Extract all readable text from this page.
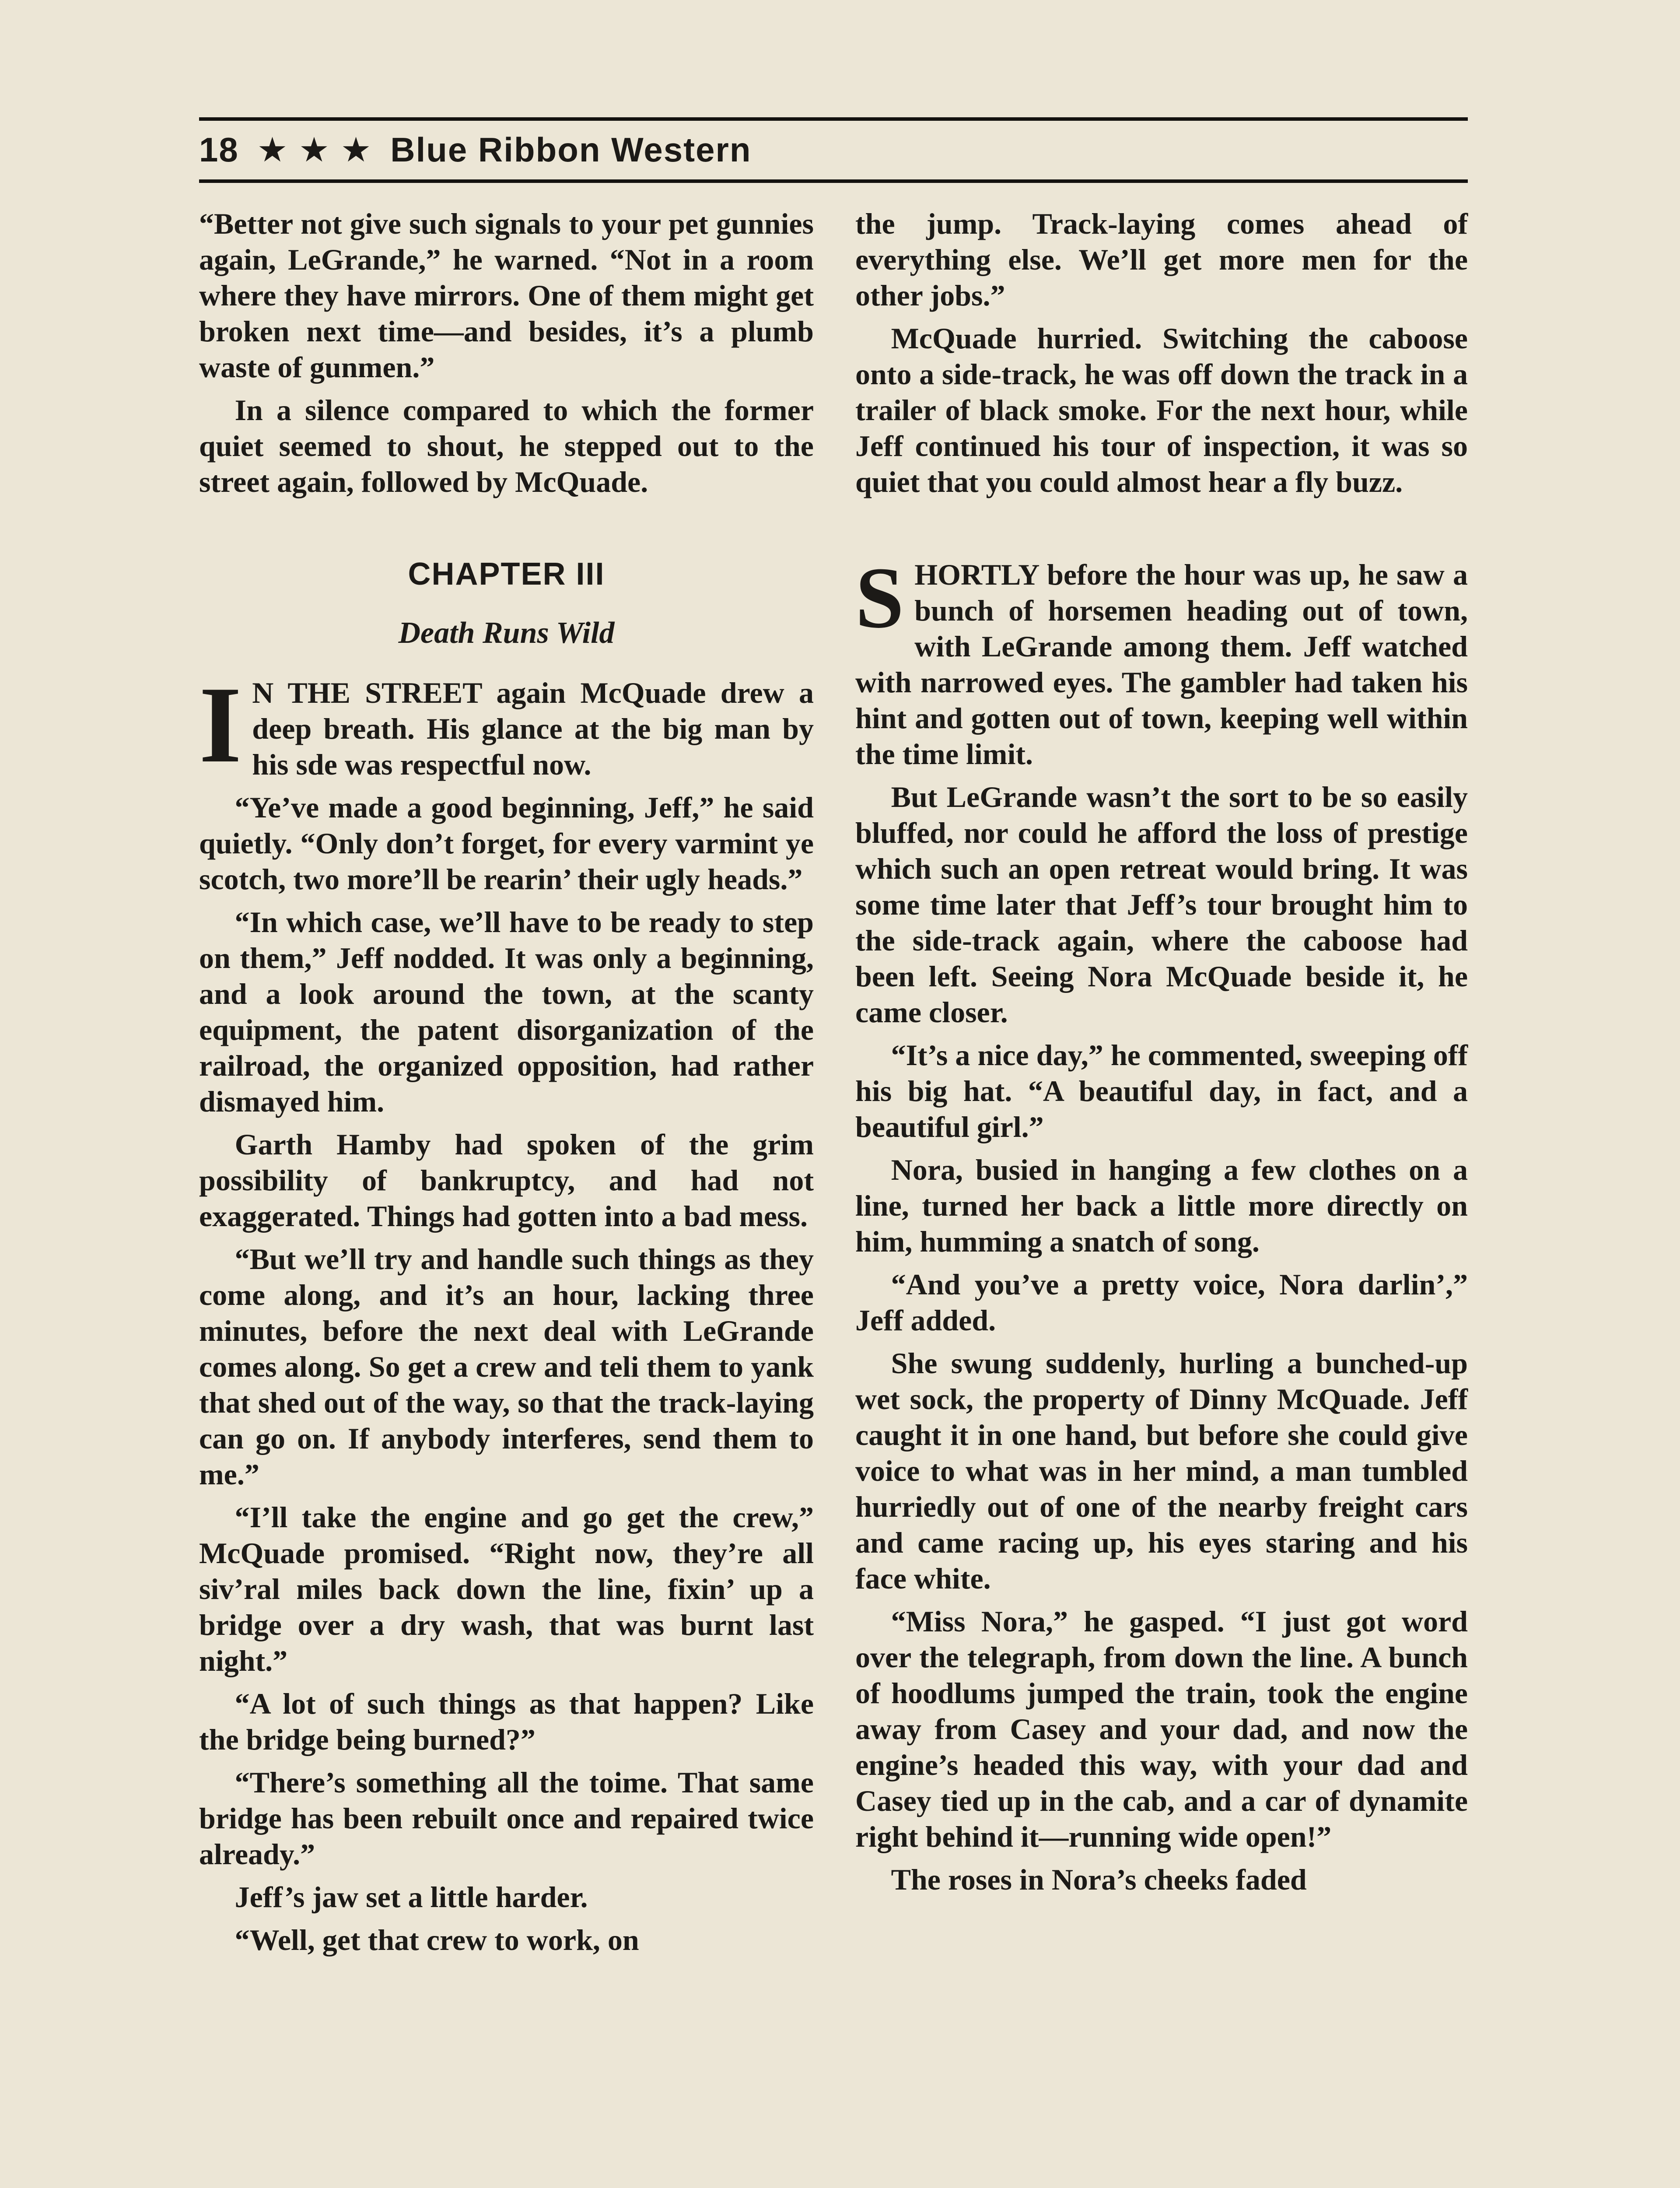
18 ★ ★ ★ Blue Ribbon Western

“Better not give such signals to your pet gunnies again, LeGrande,” he warned. “Not in a room where they have mirrors. One of them might get broken next time—and besides, it’s a plumb waste of gunmen.”

In a silence compared to which the former quiet seemed to shout, he stepped out to the street again, followed by McQuade.

CHAPTER III
Death Runs Wild

I N THE STREET again McQuade drew a deep breath. His glance at the big man by his sde was respectful now.

“Ye’ve made a good beginning, Jeff,” he said quietly. “Only don’t forget, for every varmint ye scotch, two more’ll be rearin’ their ugly heads.”

“In which case, we’ll have to be ready to step on them,” Jeff nodded. It was only a beginning, and a look around the town, at the scanty equipment, the patent disorganization of the railroad, the organized opposition, had rather dismayed him.

Garth Hamby had spoken of the grim possibility of bankruptcy, and had not exaggerated. Things had gotten into a bad mess.

“But we’ll try and handle such things as they come along, and it’s an hour, lacking three minutes, before the next deal with LeGrande comes along. So get a crew and teli them to yank that shed out of the way, so that the track-laying can go on. If anybody interferes, send them to me.”

“I’ll take the engine and go get the crew,” McQuade promised. “Right now, they’re all siv’ral miles back down the line, fixin’ up a bridge over a dry wash, that was burnt last night.”

“A lot of such things as that happen? Like the bridge being burned?”

“There’s something all the toime. That same bridge has been rebuilt once and repaired twice already.”

Jeff’s jaw set a little harder.

“Well, get that crew to work, on

the jump. Track-laying comes ahead of everything else. We’ll get more men for the other jobs.”

McQuade hurried. Switching the caboose onto a side-track, he was off down the track in a trailer of black smoke. For the next hour, while Jeff continued his tour of inspection, it was so quiet that you could almost hear a fly buzz.

SHORTLY before the hour was up, he saw a bunch of horsemen heading out of town, with LeGrande among them. Jeff watched with narrowed eyes. The gambler had taken his hint and gotten out of town, keeping well within the time limit.

But LeGrande wasn’t the sort to be so easily bluffed, nor could he afford the loss of prestige which such an open retreat would bring. It was some time later that Jeff’s tour brought him to the side-track again, where the caboose had been left. Seeing Nora McQuade beside it, he came closer.

“It’s a nice day,” he commented, sweeping off his big hat. “A beautiful day, in fact, and a beautiful girl.”

Nora, busied in hanging a few clothes on a line, turned her back a little more directly on him, humming a snatch of song.

“And you’ve a pretty voice, Nora darlin’,” Jeff added.

She swung suddenly, hurling a bunched-up wet sock, the property of Dinny McQuade. Jeff caught it in one hand, but before she could give voice to what was in her mind, a man tumbled hurriedly out of one of the nearby freight cars and came racing up, his eyes staring and his face white.

“Miss Nora,” he gasped. “I just got word over the telegraph, from down the line. A bunch of hoodlums jumped the train, took the engine away from Casey and your dad, and now the engine’s headed this way, with your dad and Casey tied up in the cab, and a car of dynamite right behind it—running wide open!”

The roses in Nora’s cheeks faded
